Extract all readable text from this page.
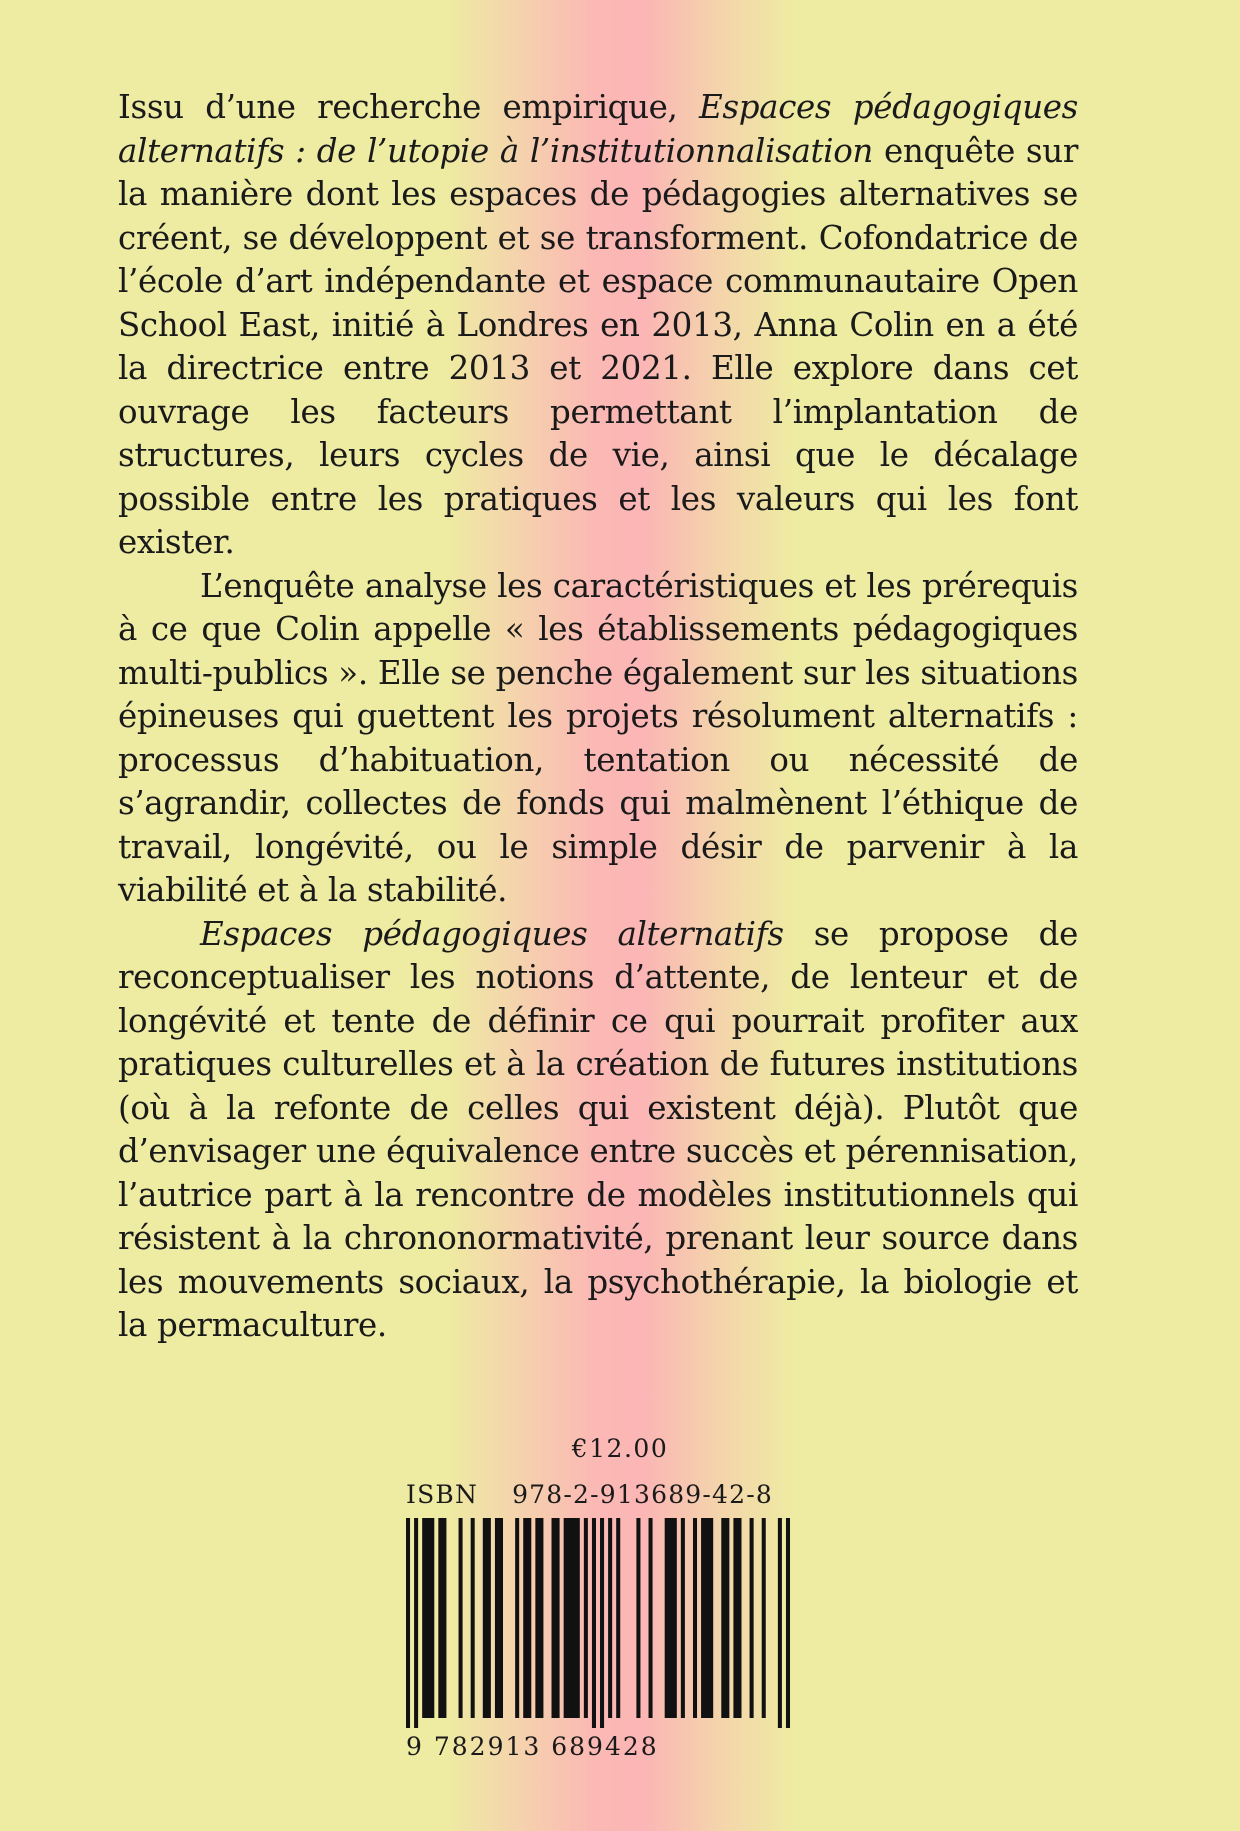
Issu d’une recherche empirique, Espaces pédagogiques alternatifs : de l’utopie à l’institutionnalisation enquête sur la manière dont les espaces de pédagogies alternatives se créent, se développent et se transforment. Cofondatrice de l’école d’art indépendante et espace communautaire Open School East, initié à Londres en 2013, Anna Colin en a été la directrice entre 2013 et 2021. Elle explore dans cet ouvrage les facteurs permettant l’implantation de structures, leurs cycles de vie, ainsi que le décalage possible entre les pratiques et les valeurs qui les font exister.

L’enquête analyse les caractéristiques et les prérequis à ce que Colin appelle « les établissements pédagogiques multi-publics ». Elle se penche également sur les situations épineuses qui guettent les projets résolument alternatifs : processus d’habituation, tentation ou nécessité de s’agrandir, collectes de fonds qui malmènent l’éthique de travail, longévité, ou le simple désir de parvenir à la viabilité et à la stabilité.

Espaces pédagogiques alternatifs se propose de reconceptualiser les notions d’attente, de lenteur et de longévité et tente de définir ce qui pourrait profiter aux pratiques culturelles et à la création de futures institutions (où à la refonte de celles qui existent déjà). Plutôt que d’envisager une équivalence entre succès et pérennisation, l’autrice part à la rencontre de modèles institutionnels qui résistent à la chrononormativité, prenant leur source dans les mouvements sociaux, la psychothérapie, la biologie et la permaculture.

€12.00
ISBN 978-2-913689-42-8
9 782913 689428
